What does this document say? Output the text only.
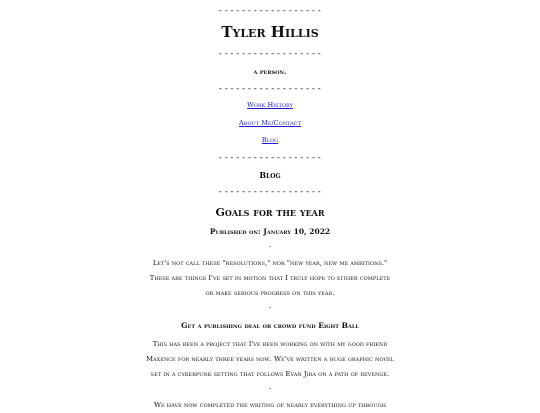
------------------
Tyler Hillis
------------------
a person.
------------------
Work History
About Me/Contact
Blog
------------------
Blog
------------------
Goals for the year
Published on: January 10, 2022
-
Let's not call these "resolutions," nor "new year, new me ambitions."
These are things I've set in motion that I truly hope to either complete
or make serious progress on this year.
-
Get a publishing deal or crowd fund Eight Ball
This has been a project that I've been working on with my good friend
Maxence for nearly three years now. We've written a huge graphic novel
set in a cyberpunk setting that follows Evan Jira on a path of revenge.
-
We have now completed the writing of nearly everything up through
